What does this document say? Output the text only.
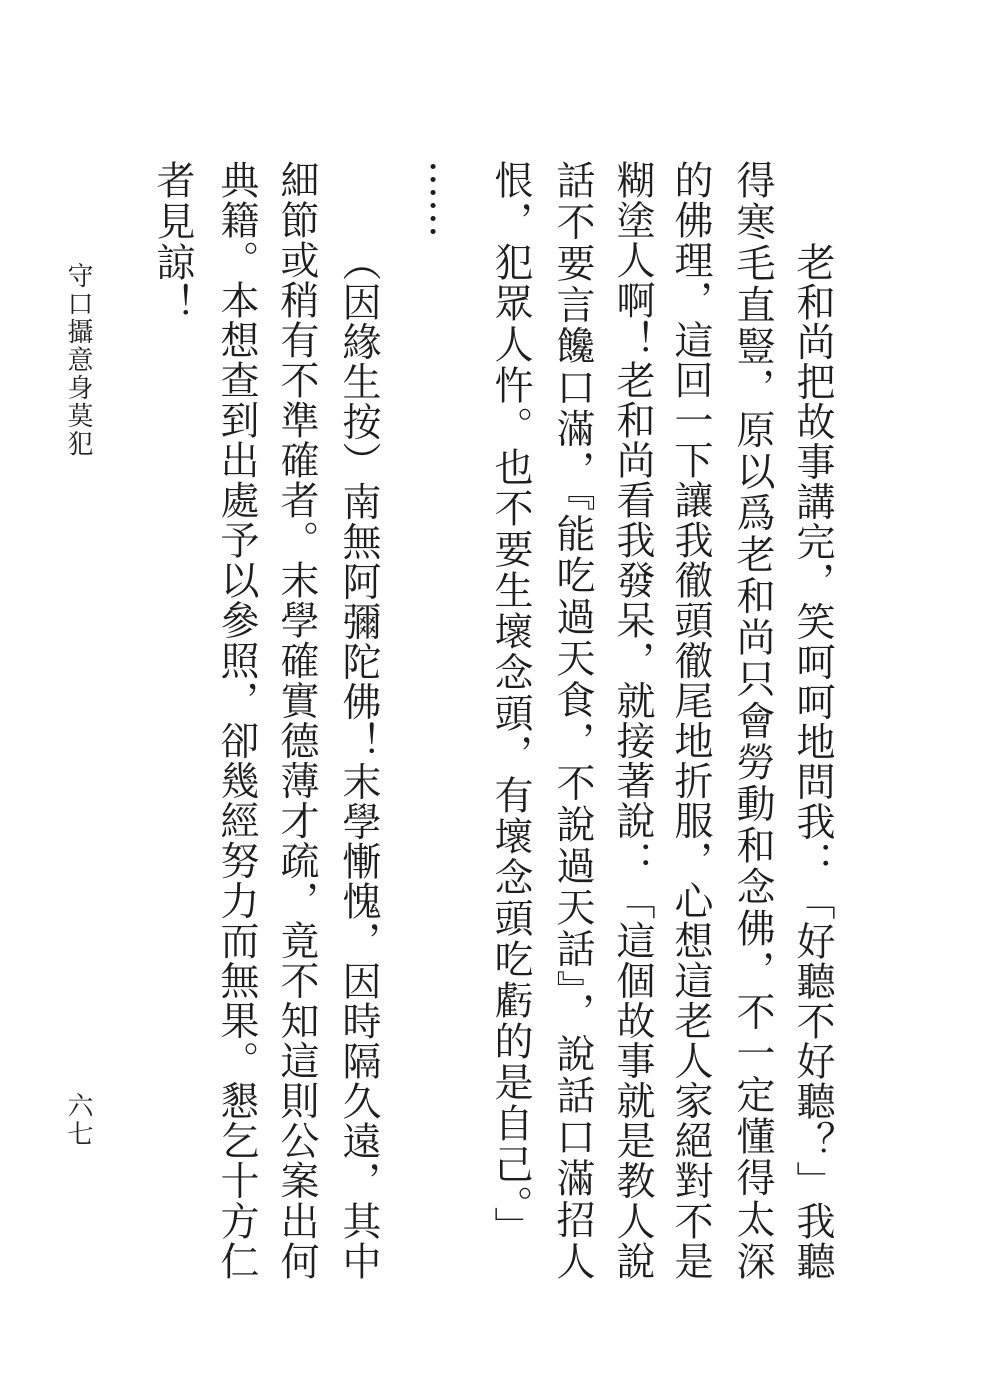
老和尚把故事講完，笑呵呵地問我：「好聽不好聽？」我聽
得寒毛直豎，原以爲老和尚只會勞動和念佛，不一定懂得太深
的佛理，這回一下讓我徹頭徹尾地折服，心想這老人家絕對不是
糊塗人啊！老和尚看我發呆，就接著說：「這個故事就是教人說
話不要言饞口滿，『能吃過天食，不說過天話』，說話口滿招人
恨，犯眾人忤。也不要生壞念頭，有壞念頭吃虧的是自己。」
……
（因緣生按）南無阿彌陀佛！末學慚愧，因時隔久遠，其中
細節或稍有不準確者。末學確實德薄才疏，竟不知這則公案出何
典籍。本想查到出處予以參照，卻幾經努力而無果。懇乞十方仁
者見諒！
守口攝意身莫犯
六七
